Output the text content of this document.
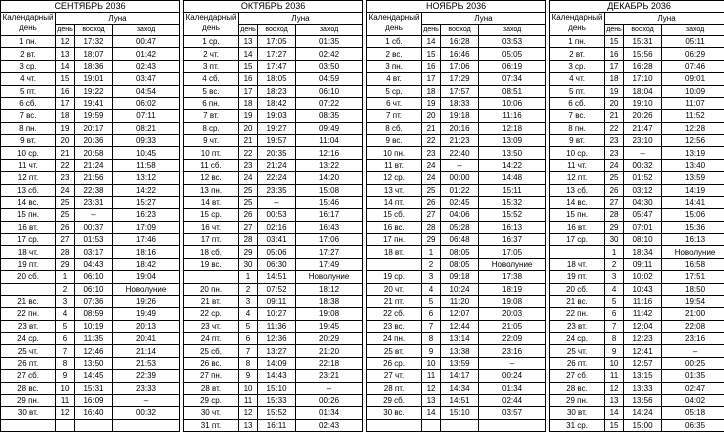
СЕНТЯБРЬ 2036			
Календарный день	Луна		
	день	восход	заход
1 пн.	12	17:32	00:47
2 вт.	13	18:07	01:42
3 ср.	14	18:36	02:43
4 чт.	15	19:01	03:47
5 пт.	16	19:22	04:54
6 сб.	17	19:41	06:02
7 вс.	18	19:59	07:11
8 пн.	19	20:17	08:21
9 вт.	20	20:36	09:33
10 ср.	21	20:58	10:45
11 чт.	22	21:24	11:58
12 пт.	23	21:56	13:12
13 сб.	24	22:38	14:22
14 вс.	25	23:31	15:27
15 пн.	25	–	16:23
16 вт.	26	00:37	17:09
17 ср.	27	01:53	17:46
18 чт.	28	03:17	18:16
19 пт.	29	04:43	18:42
20 сб.	1	06:10	19:04
	2	06:10	Новолуние
21 вс.	3	07:36	19:26
22 пн.	4	08:59	19:49
23 вт.	5	10:19	20:13
24 ср.	6	11:35	20:41
25 чт.	7	12:46	21:14
26 пт.	8	13:50	21:53
27 сб.	9	14:45	22:39
28 вс.	10	15:31	23:33
29 пн.	11	16:09	–
30 вт.	12	16:40	00:32

ОКТЯБРЬ 2036			
Календарный день	Луна		
	день	восход	заход
1 ср.	13	17:05	01:35
2 чт.	14	17:27	02:42
3 пт.	15	17:47	03:50
4 сб.	16	18:05	04:59
5 вс.	17	18:23	06:10
6 пн.	18	18:42	07:22
7 вт.	19	19:03	08:35
8 ср.	20	19:27	09:49
9 чт.	21	19:57	11:04
10 пт.	22	20:35	12:16
11 сб.	23	21:24	13:22
12 вс.	24	22:24	14:20
13 пн.	25	23:35	15:08
14 вт.	25	–	15:46
15 ср.	26	00:53	16:17
16 чт.	27	02:16	16:43
17 пт.	28	03:41	17:06
18 сб.	29	05:06	17:27
19 вс.	30	06:30	17:49
	1	14:51	Новолуние
20 пн.	2	07:52	18:12
21 вт.	3	09:11	18:38
22 ср.	4	10:27	19:08
23 чт.	5	11:36	19:45
24 пт.	6	12:36	20:29
25 сб.	7	13:27	21:20
26 вс.	8	14:09	22:18
27 пн.	9	14:43	23:21
28 вт.	10	15:10	–
29 ср.	11	15:33	00:26
30 чт.	12	15:52	01:34
31 пт.	13	16:11	02:43
НОЯБРЬ 2036			
Календарный день	Луна		
	день	восход	заход
1 сб.	14	16:28	03:53
2 вс.	15	16:46	05:05
3 пн.	16	17:06	06:19
4 вт.	17	17:29	07:34
5 ср.	18	17:57	08:51
6 чт.	19	18:33	10:06
7 пт.	20	19:18	11:16
8 сб.	21	20:16	12:18
9 вс.	22	21:23	13:09
10 пн.	23	22:40	13:50
11 вт.	24	–	14:22
12 ср.	24	00:00	14:48
13 чт.	25	01:22	15:11
14 пт.	26	02:45	15:32
15 сб.	27	04:06	15:52
16 вс.	28	05:28	16:13
17 пн.	29	06:48	16:37
18 вт.	1	08:05	17:05
	2	08:05	Новолуние
19 ср.	3	09:18	17:38
20 чт.	4	10:24	18:19
21 пт.	5	11:20	19:08
22 сб.	6	12:07	20:03
23 вс.	7	12:44	21:05
24 пн.	8	13:14	22:09
25 вт.	9	13:38	23:16
26 ср.	10	13:59	–
27 чт.	11	14:17	00:24
28 пт.	12	14:34	01:34
29 сб.	13	14:51	02:44
30 вс.	14	15:10	03:57

ДЕКАБРЬ 2036			
Календарный день	Луна		
	день	восход	заход
1 пн.	15	15:31	05:11
2 вт.	16	15:56	06:29
3 ср.	17	16:28	07:46
4 чт.	18	17:10	09:01
5 пт.	19	18:04	10:09
6 сб.	20	19:10	11:07
7 вс.	21	20:26	11:52
8 пн.	22	21:47	12:28
9 вт.	23	23:10	12:56
10 ср.	23	–	13:19
11 чт.	24	00:32	13:40
12 пт.	25	01:52	13:59
13 сб.	26	03:12	14:19
14 вс.	27	04:30	14:41
15 пн.	28	05:47	15:06
16 вт.	29	07:01	15:36
17 ср.	30	08:10	16:13
	1	18:34	Новолуние
18 чт.	2	09:11	16:58
19 пт.	3	10:02	17:51
20 сб.	4	10:43	18:50
21 вс.	5	11:16	19:54
22 пн.	6	11:42	21:00
23 вт.	7	12:04	22:08
24 ср.	8	12:23	23:16
25 чт.	9	12:41	–
26 пт.	10	12:57	00:25
27 сб.	11	13:15	01:35
28 вс.	12	13:33	02:47
29 пн.	13	13:56	04:02
30 вт.	14	14:24	05:18
31 ср.	15	15:00	06:35
